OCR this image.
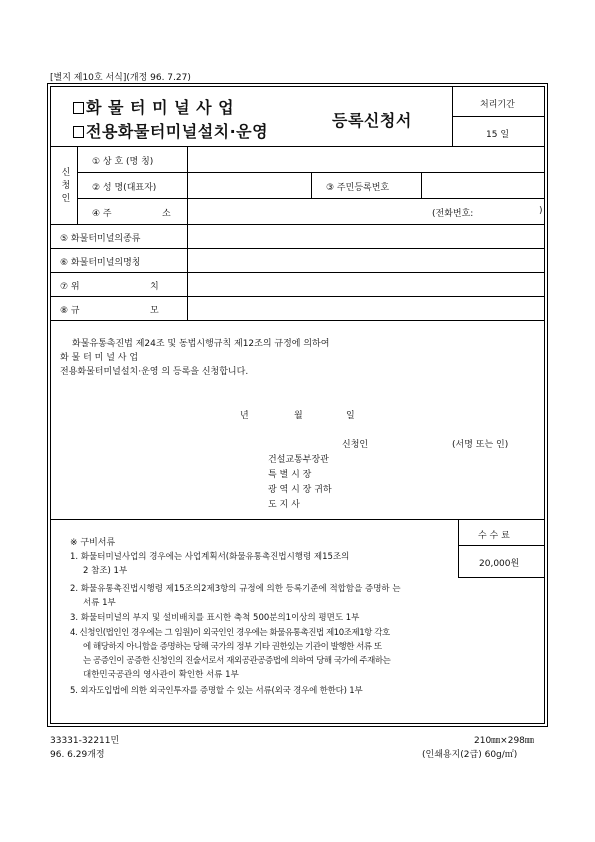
[별지 제10호 서식](개정 96. 7.27)
화 물 터 미 널 사 업
전용화물터미널설치·운영
등록신청서
처리기간
15 일
신
청
인
① 상 호 (명 칭)
② 성 명(대표자)	③ 주민등록번호
④ 주	소	(전화번호:	)
⑤ 화물터미널의종류
⑥ 화물터미널의명칭
⑦ 위	치
⑧ 규	모
화물유통촉진법 제24조 및 동법시행규칙 제12조의 규정에 의하여
화 물 터 미 널 사 업
전용화물터미널설치·운영 의 등록을 신청합니다.
년	월	일
신청인	(서명 또는 인)
건설교통부장관
특 별 시 장
광 역 시 장 귀하
도 지 사
수 수 료
20,000원
※ 구비서류
1. 화물터미널사업의 경우에는 사업계획서(화물유통촉진법시행령 제15조의
2 참조) 1부
2. 화물유통촉진법시행령 제15조의2제3항의 규정에 의한 등록기준에 적합함을 증명하 는
서류 1부
3. 화물터미널의 부지 및 설비배치를 표시한 축척 500분의1이상의 평면도 1부
4. 신청인(법인인 경우에는 그 임원)이 외국인인 경우에는 화물유통촉진법 제10조제1항 각호
에 해당하지 아니함을 증명하는 당해 국가의 정부 기타 권한있는 기관이 발행한 서류 또
는 공증인이 공증한 신청인의 진술서로서 재외공관공증법에 의하여 당해 국가에 주재하는
대한민국공관의 영사관이 확인한 서류 1부
5. 외자도입법에 의한 외국인투자를 증명할 수 있는 서류(외국 경우에 한한다) 1부
33331-32211민
96. 6.29개정
210㎜×298㎜
(인쇄용지(2급) 60g/㎡)
